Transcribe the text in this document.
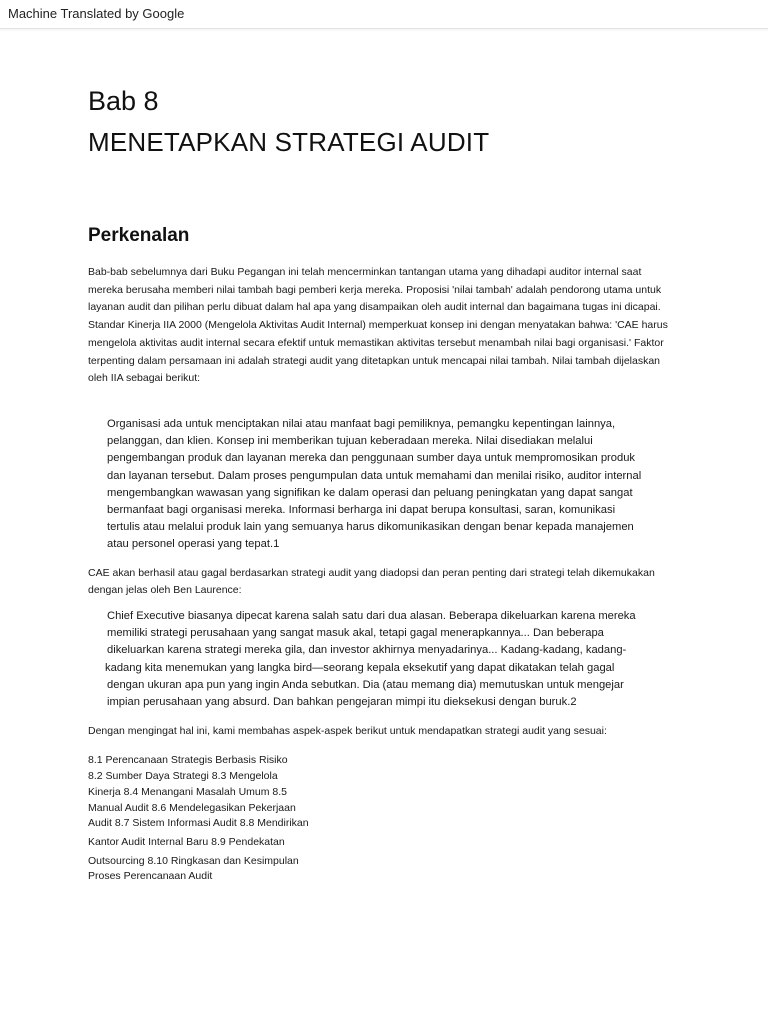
Machine Translated by Google
Bab 8
MENETAPKAN STRATEGI AUDIT
Perkenalan
Bab-bab sebelumnya dari Buku Pegangan ini telah mencerminkan tantangan utama yang dihadapi auditor internal saat
mereka berusaha memberi nilai tambah bagi pemberi kerja mereka. Proposisi 'nilai tambah' adalah pendorong utama untuk
layanan audit dan pilihan perlu dibuat dalam hal apa yang disampaikan oleh audit internal dan bagaimana tugas ini dicapai.
Standar Kinerja IIA 2000 (Mengelola Aktivitas Audit Internal) memperkuat konsep ini dengan menyatakan bahwa: 'CAE harus
mengelola aktivitas audit internal secara efektif untuk memastikan aktivitas tersebut menambah nilai bagi organisasi.' Faktor
terpenting dalam persamaan ini adalah strategi audit yang ditetapkan untuk mencapai nilai tambah. Nilai tambah dijelaskan
oleh IIA sebagai berikut:
Organisasi ada untuk menciptakan nilai atau manfaat bagi pemiliknya, pemangku kepentingan lainnya,
pelanggan, dan klien. Konsep ini memberikan tujuan keberadaan mereka. Nilai disediakan melalui
pengembangan produk dan layanan mereka dan penggunaan sumber daya untuk mempromosikan produk
dan layanan tersebut. Dalam proses pengumpulan data untuk memahami dan menilai risiko, auditor internal
mengembangkan wawasan yang signifikan ke dalam operasi dan peluang peningkatan yang dapat sangat
bermanfaat bagi organisasi mereka. Informasi berharga ini dapat berupa konsultasi, saran, komunikasi
tertulis atau melalui produk lain yang semuanya harus dikomunikasikan dengan benar kepada manajemen
atau personel operasi yang tepat.1
CAE akan berhasil atau gagal berdasarkan strategi audit yang diadopsi dan peran penting dari strategi telah dikemukakan
dengan jelas oleh Ben Laurence:
Chief Executive biasanya dipecat karena salah satu dari dua alasan. Beberapa dikeluarkan karena mereka
memiliki strategi perusahaan yang sangat masuk akal, tetapi gagal menerapkannya... Dan beberapa
dikeluarkan karena strategi mereka gila, dan investor akhirnya menyadarinya... Kadang-kadang, kadang-
kadang kita menemukan yang langka bird—seorang kepala eksekutif yang dapat dikatakan telah gagal
dengan ukuran apa pun yang ingin Anda sebutkan. Dia (atau memang dia) memutuskan untuk mengejar
impian perusahaan yang absurd. Dan bahkan pengejaran mimpi itu dieksekusi dengan buruk.2
Dengan mengingat hal ini, kami membahas aspek-aspek berikut untuk mendapatkan strategi audit yang sesuai:
8.1 Perencanaan Strategis Berbasis Risiko
8.2 Sumber Daya Strategi 8.3 Mengelola
Kinerja 8.4 Menangani Masalah Umum 8.5
Manual Audit 8.6 Mendelegasikan Pekerjaan
Audit 8.7 Sistem Informasi Audit 8.8 Mendirikan
Kantor Audit Internal Baru 8.9 Pendekatan
Outsourcing 8.10 Ringkasan dan Kesimpulan
Proses Perencanaan Audit
